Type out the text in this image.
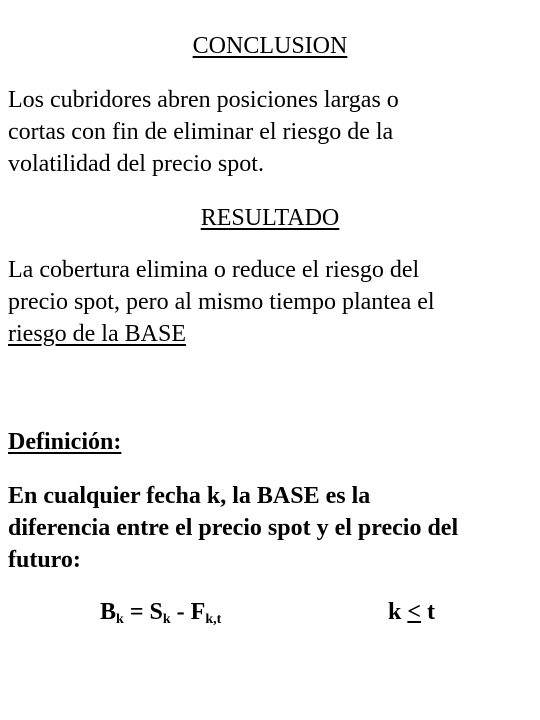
CONCLUSION

Los cubridores abren posiciones largas o

cortas con fin de eliminar el riesgo de la

volatilidad del precio spot.

RESULTADO

La cobertura elimina o reduce el riesgo del

precio spot, pero al mismo tiempo plantea el

riesgo de la BASE

Definición:

En cualquier fecha k, la BASE es la

diferencia entre el precio spot y el precio del

futuro:

$B_k = S_k - F_{k,t}$	k < t
